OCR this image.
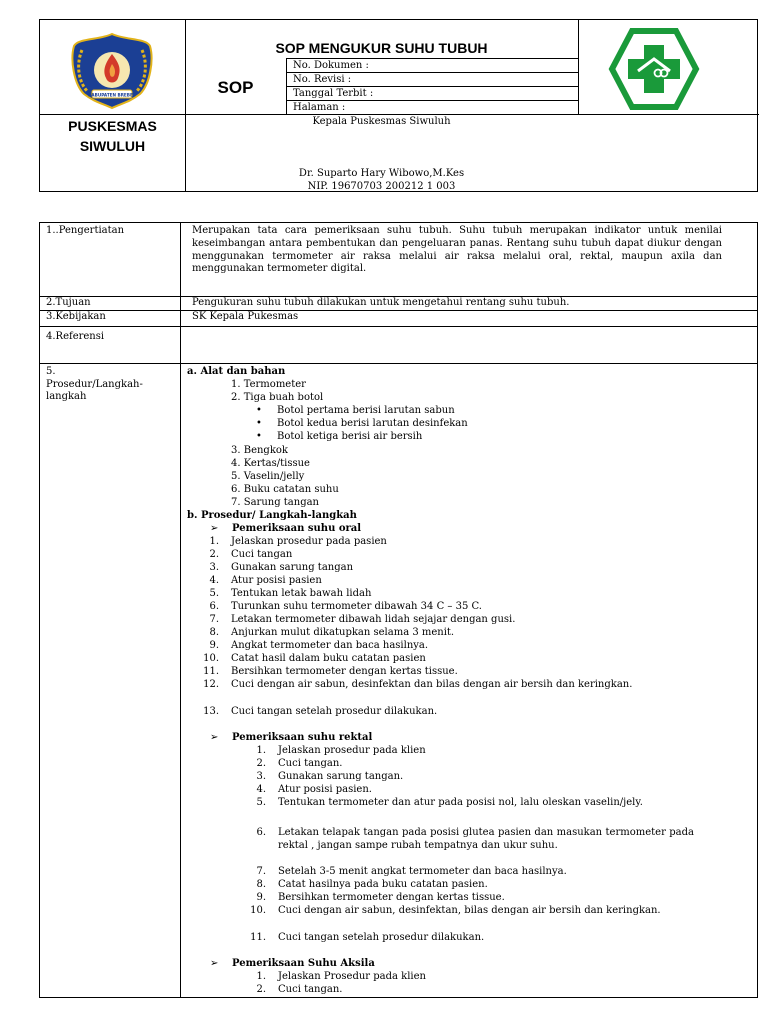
KABUPATEN BREBES
SOP MENGUKUR SUHU TUBUH
SOP
No. Dokumen :
No. Revisi :
Tanggal Terbit :
Halaman :
PUSKESMAS
SIWULUH
Kepala Puskesmas Siwuluh
Dr. Suparto Hary Wibowo,M.Kes
NIP. 19670703 200212 1 003
1..Pengertiatan	Merupakan tata cara pemeriksaan suhu tubuh. Suhu tubuh merupakan indikator untuk menilai keseimbangan antara pembentukan dan pengeluaran panas. Rentang suhu tubuh dapat diukur dengan menggunakan termometer air raksa melalui air raksa melalui oral, rektal, maupun axila dan menggunakan termometer digital.
2.Tujuan	Pengukuran suhu tubuh dilakukan untuk mengetahui rentang suhu tubuh.
3.Kebijakan	SK Kepala Pukesmas
4.Referensi
5.
Prosedur/Langkah-
langkah
a. Alat dan bahan
1. Termometer
2. Tiga buah botol
• Botol pertama berisi larutan sabun
• Botol kedua berisi larutan desinfekan
• Botol ketiga berisi air bersih
3. Bengkok
4. Kertas/tissue
5. Vaselin/jelly
6. Buku catatan suhu
7. Sarung tangan
b. Prosedur/ Langkah-langkah
➢ Pemeriksaan suhu oral
1. Jelaskan prosedur pada pasien
2. Cuci tangan
3. Gunakan sarung tangan
4. Atur posisi pasien
5. Tentukan letak bawah lidah
6. Turunkan suhu termometer dibawah 34 C – 35 C.
7. Letakan termometer dibawah lidah sejajar dengan gusi.
8. Anjurkan mulut dikatupkan selama 3 menit.
9. Angkat termometer dan baca hasilnya.
10. Catat hasil dalam buku catatan pasien
11. Bersihkan termometer dengan kertas tissue.
12. Cuci dengan air sabun, desinfektan dan bilas dengan air bersih dan keringkan.
13. Cuci tangan setelah prosedur dilakukan.
➢ Pemeriksaan suhu rektal
1. Jelaskan prosedur pada klien
2. Cuci tangan.
3. Gunakan sarung tangan.
4. Atur posisi pasien.
5. Tentukan termometer dan atur pada posisi nol, lalu oleskan vaselin/jely.
6. Letakan telapak tangan pada posisi glutea pasien dan masukan termometer pada rektal , jangan sampe rubah tempatnya dan ukur suhu.
7. Setelah 3-5 menit angkat termometer dan baca hasilnya.
8. Catat hasilnya pada buku catatan pasien.
9. Bersihkan termometer dengan kertas tissue.
10. Cuci dengan air sabun, desinfektan, bilas dengan air bersih dan keringkan.
11. Cuci tangan setelah prosedur dilakukan.
➢ Pemeriksaan Suhu Aksila
1. Jelaskan Prosedur pada klien
2. Cuci tangan.
